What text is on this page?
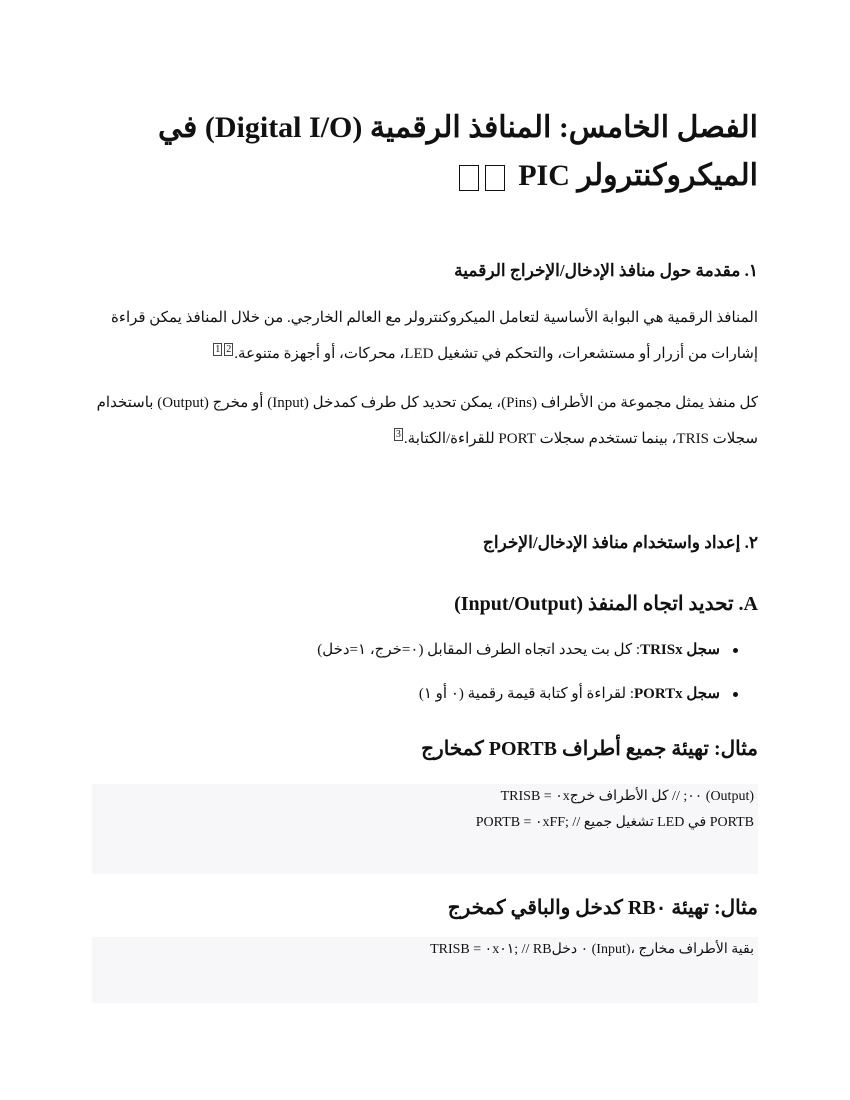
الفصل الخامس: المنافذ الرقمية (Digital I/O) في
الميكروكنترولر PIC
١. مقدمة حول منافذ الإدخال/الإخراج الرقمية

المنافذ الرقمية هي البوابة الأساسية لتعامل الميكروكنترولر مع العالم الخارجي. من خلال المنافذ يمكن قراءة إشارات من أزرار أو مستشعرات، والتحكم في تشغيل LED، محركات، أو أجهزة متنوعة.$^1$ $^2$

كل منفذ يمثل مجموعة من الأطراف (Pins)، يمكن تحديد كل طرف كمدخل (Input) أو مخرج (Output) باستخدام سجلات TRIS، بينما تستخدم سجلات PORT للقراءة/الكتابة.$^3$

٢. إعداد واستخدام منافذ الإدخال/الإخراج
A. تحديد اتجاه المنفذ (Input/Output)
سجل TRISx: كل بت يحدد اتجاه الطرف المقابل (٠=خرج، ١=دخل)
سجل PORTx: لقراءة أو كتابة قيمة رقمية (٠ أو ١)
مثال: تهيئة جميع أطراف PORTB كمخارج
TRISB = ٠x٠٠; // كل الأطراف خرج (Output)
PORTB = ٠xFF; // تشغيل جميع LED في PORTB
مثال: تهيئة RB٠ كدخل والباقي كمخرج
TRISB = ٠x٠١; // RB٠ دخل (Input)، بقية الأطراف مخارج
